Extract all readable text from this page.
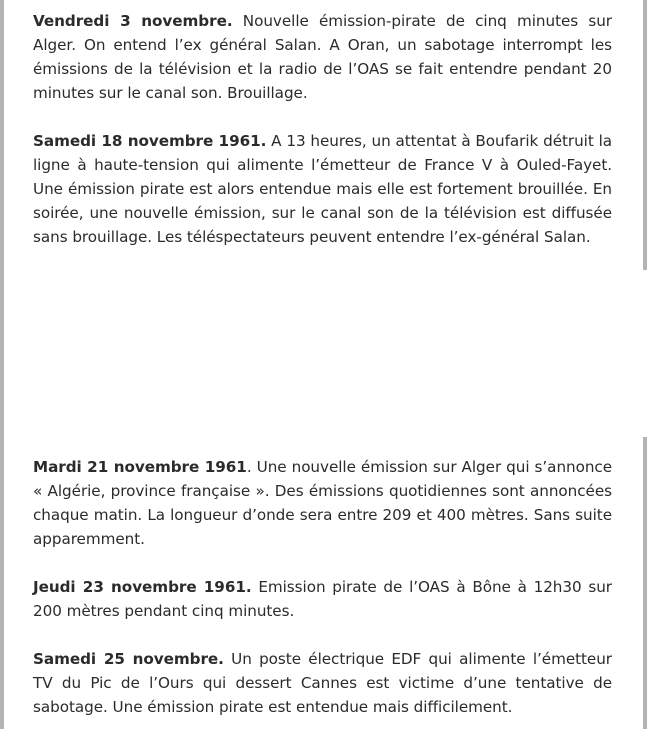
Vendredi 3 novembre. Nouvelle émission-pirate de cinq minutes sur Alger. On entend l’ex général Salan. A Oran, un sabotage interrompt les émissions de la télévision et la radio de l’OAS se fait entendre pendant 20 minutes sur le canal son. Brouillage.

Samedi 18 novembre 1961. A 13 heures, un attentat à Boufarik détruit la ligne à haute-tension qui alimente l’émetteur de France V à Ouled-Fayet. Une émission pirate est alors entendue mais elle est fortement brouillée. En soirée, une nouvelle émission, sur le canal son de la télévision est diffusée sans brouillage. Les téléspectateurs peuvent entendre l’ex-général Salan.

Mardi 21 novembre 1961. Une nouvelle émission sur Alger qui s’annonce « Algérie, province française ». Des émissions quotidiennes sont annoncées chaque matin. La longueur d’onde sera entre 209 et 400 mètres. Sans suite apparemment.

Jeudi 23 novembre 1961. Emission pirate de l’OAS à Bône à 12h30 sur 200 mètres pendant cinq minutes.

Samedi 25 novembre. Un poste électrique EDF qui alimente l’émetteur TV du Pic de l’Ours qui dessert Cannes est victime d’une tentative de sabotage. Une émission pirate est entendue mais difficilement.
